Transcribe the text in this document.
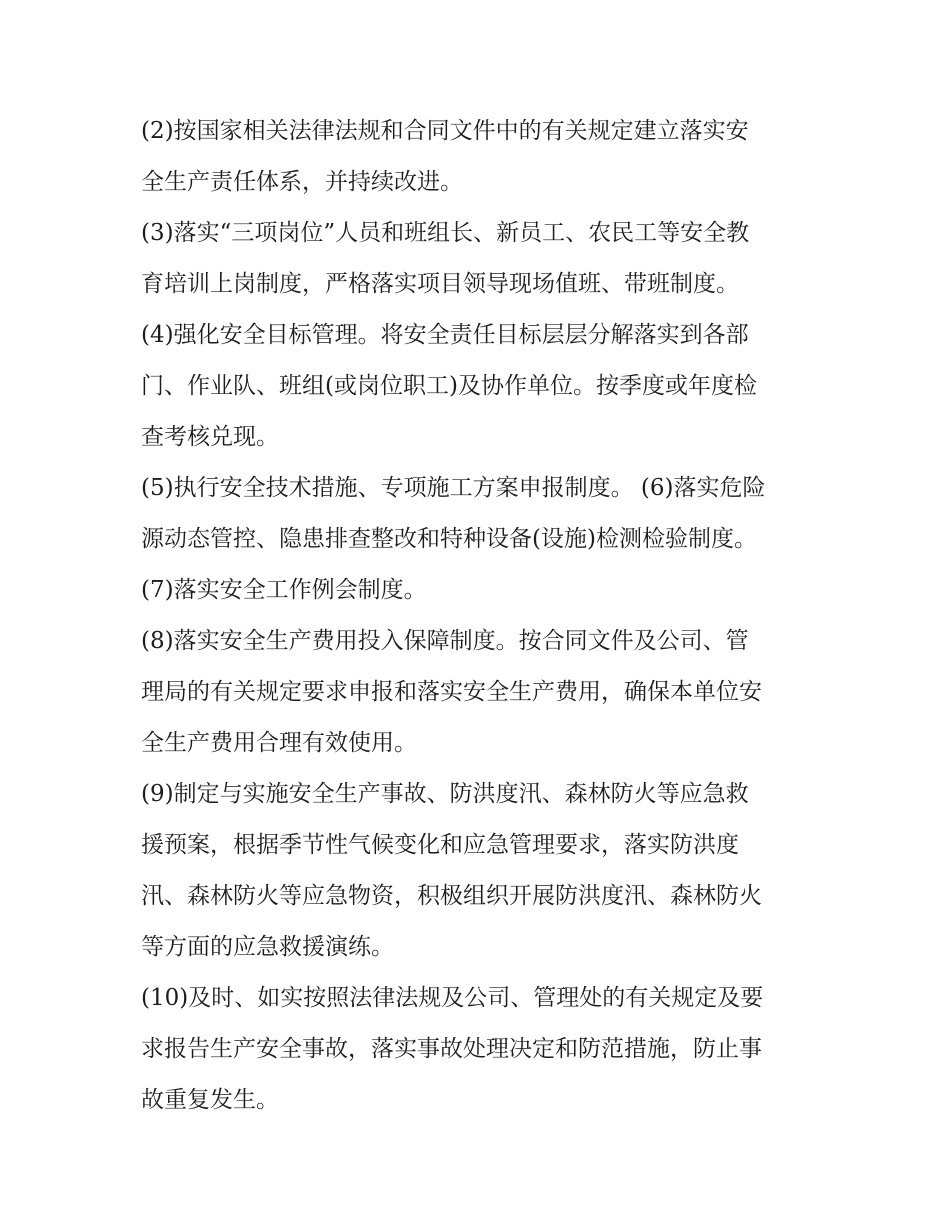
(2)按国家相关法律法规和合同文件中的有关规定建立落实安
全生产责任体系，并持续改进。
(3)落实“三项岗位”人员和班组长、新员工、农民工等安全教
育培训上岗制度，严格落实项目领导现场值班、带班制度。
(4)强化安全目标管理。将安全责任目标层层分解落实到各部
门、作业队、班组(或岗位职工)及协作单位。按季度或年度检
查考核兑现。
(5)执行安全技术措施、专项施工方案申报制度。 (6)落实危险
源动态管控、隐患排查整改和特种设备(设施)检测检验制度。
(7)落实安全工作例会制度。
(8)落实安全生产费用投入保障制度。按合同文件及公司、管
理局的有关规定要求申报和落实安全生产费用，确保本单位安
全生产费用合理有效使用。
(9)制定与实施安全生产事故、防洪度汛、森林防火等应急救
援预案，根据季节性气候变化和应急管理要求，落实防洪度
汛、森林防火等应急物资，积极组织开展防洪度汛、森林防火
等方面的应急救援演练。
(10)及时、如实按照法律法规及公司、管理处的有关规定及要
求报告生产安全事故，落实事故处理决定和防范措施，防止事
故重复发生。
